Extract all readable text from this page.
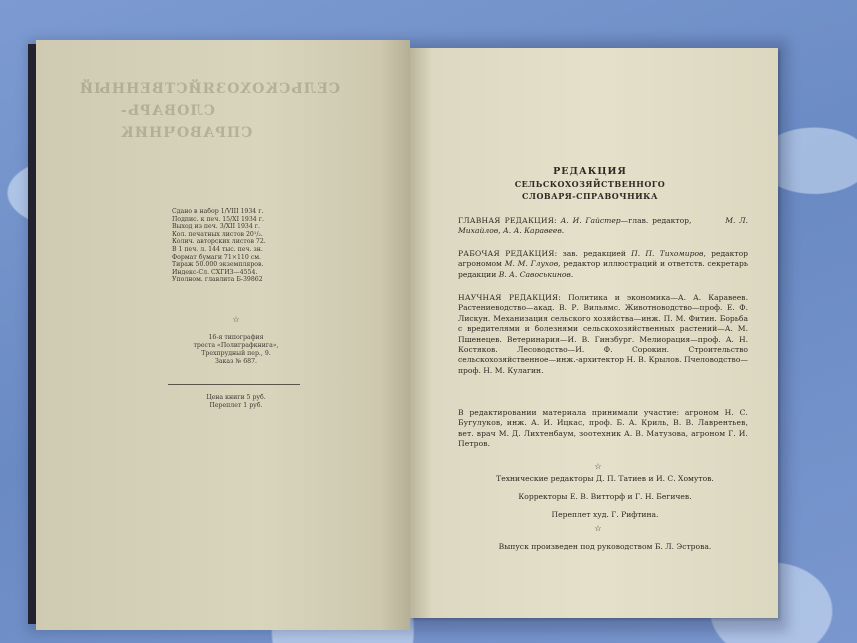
СЕЛЬСКОХОЗЯЙСТВЕННЫЙ
СЛОВАРЬ-СПРАВОЧНИК
Сдано в набор 1/VIII 1934 г.
Подпис. к печ. 15/XI 1934 г.
Выход из печ. 3/XII 1934 г.
Кол. печатных листов 20¹/₂.
Колич. авторских листов 72.
В 1 печ. л. 144 тыс. печ. зн.
Формат бумаги 71×110 см.
Тираж 50.000 экземпляров.
Индекс-Сл. СХГИЗ—4554.
Уполном. главлита Б-39862
☆
16-я типография
треста «Полиграфкнига»,
Трехпрудный пер., 9.
Заказ № 687.
Цена книги 5 руб.
Переплет 1 руб.
РЕДАКЦИЯ
СЕЛЬСКОХОЗЯЙСТВЕННОГО
СЛОВАРЯ-СПРАВОЧНИКА
ГЛАВНАЯ РЕДАКЦИЯ: А. И. Гайстер—глав. редактор,	М. Л. Михайлов, А. А. Каравеев.
РАБОЧАЯ РЕДАКЦИЯ: зав. редакцией П. П. Тихомиров, редактор агрономом М. М. Глухов, редактор иллюстраций и ответств. секретарь редакции В. А. Савоськинов.
НАУЧНАЯ РЕДАКЦИЯ: Политика и экономика—А. А. Каравеев. Растениеводство—акад. В. Р. Вильямс. Животноводство—проф. Е. Ф. Лискун. Механизация сельского хозяйства—инж. П. М. Фитин. Борьба с вредителями и болезнями сельскохозяйственных растений—А. М. Пшенецев. Ветеринария—И. В. Гинзбург. Мелиорация—проф. А. Н. Костяков. Лесоводство—И. Ф. Сорокин. Строительство сельскохозяйственное—инж.-архитектор Н. В. Крылов. Пчеловодство—проф. Н. М. Кулагин.
В редактировании материала принимали участие: агроном Н. С. Бугулуков, инж. А. И. Ицкас, проф. Б. А. Криль, В. В. Лаврентьев, вет. врач М. Д. Лихтенбаум, зоотехник А. В. Матузова, агроном Г. И. Петров.
☆
Технические редакторы Д. П. Татиев и И. С. Хомутов.
Корректоры Е. В. Витторф и Г. Н. Бегичев.
Переплет худ. Г. Рифтина.
☆
Выпуск произведен под руководством Б. Л. Эстрова.
